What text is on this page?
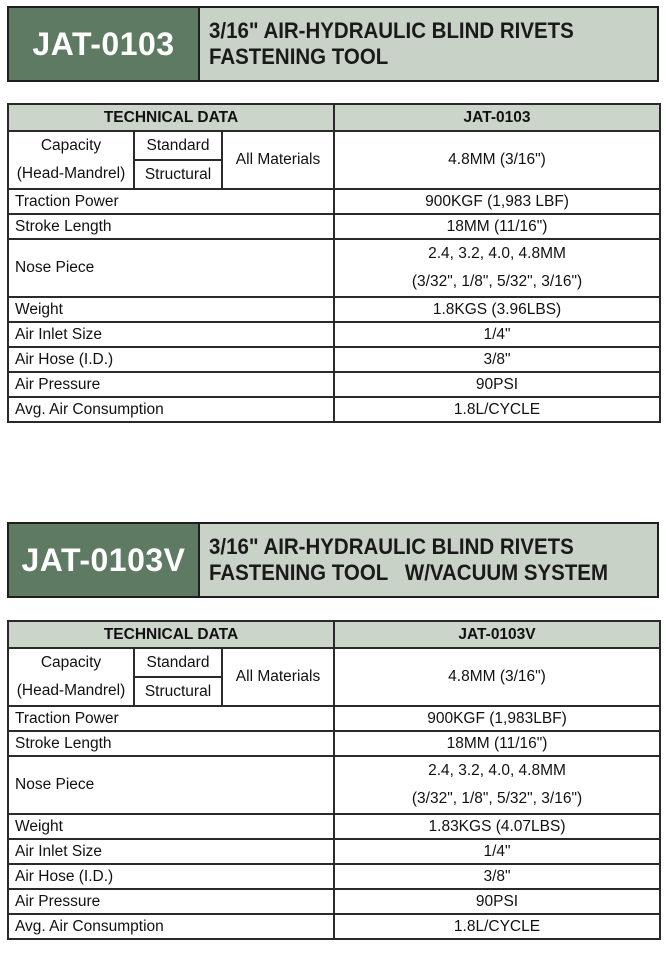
JAT-0103 3/16" AIR-HYDRAULIC BLIND RIVETS
FASTENING TOOL
TECHNICAL DATA			JAT-0103

Capacity
(Head-Mandrel)	Standard	All Materials	4.8MM (3/16")
	Structural		
Traction Power			900KGF (1,983 LBF)
Stroke Length			18MM (11/16")
Nose Piece			2.4, 3.2, 4.0, 4.8MM
(3/32", 1/8", 5/32", 3/16")

Weight			1.8KGS (3.96LBS)
Air Inlet Size			1/4"
Air Hose (I.D.)			3/8"
Air Pressure			90PSI
Avg. Air Consumption			1.8L/CYCLE
JAT-0103V 3/16" AIR-HYDRAULIC BLIND RIVETS
FASTENING TOOL   W/VACUUM SYSTEM
TECHNICAL DATA			JAT-0103V

Capacity
(Head-Mandrel)	Standard	All Materials	4.8MM (3/16")
	Structural		
Traction Power			900KGF (1,983LBF)
Stroke Length			18MM (11/16")
Nose Piece			2.4, 3.2, 4.0, 4.8MM
(3/32", 1/8", 5/32", 3/16")

Weight			1.83KGS (4.07LBS)
Air Inlet Size			1/4"
Air Hose (I.D.)			3/8"
Air Pressure			90PSI
Avg. Air Consumption			1.8L/CYCLE
